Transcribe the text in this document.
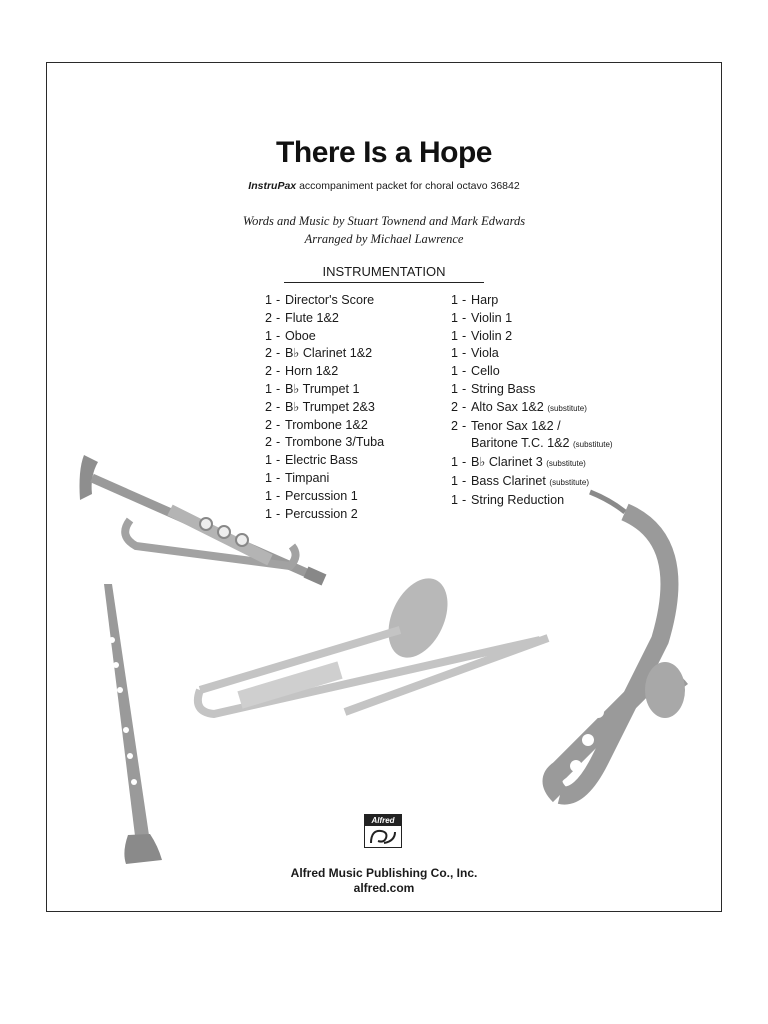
There Is a Hope
InstruPax accompaniment packet for choral octavo 36842
Words and Music by Stuart Townend and Mark Edwards
Arranged by Michael Lawrence
INSTRUMENTATION
1 - Director's Score
2 - Flute 1&2
1 - Oboe
2 - B♭ Clarinet 1&2
2 - Horn 1&2
1 - B♭ Trumpet 1
2 - B♭ Trumpet 2&3
2 - Trombone 1&2
2 - Trombone 3/Tuba
1 - Electric Bass
1 - Timpani
1 - Percussion 1
1 - Percussion 2
1 - Harp
1 - Violin 1
1 - Violin 2
1 - Viola
1 - Cello
1 - String Bass
2 - Alto Sax 1&2 (substitute)
2 - Tenor Sax 1&2 /
Baritone T.C. 1&2 (substitute)
1 - B♭ Clarinet 3 (substitute)
1 - Bass Clarinet (substitute)
1 - String Reduction
Alfred
Alfred Music Publishing Co., Inc.
alfred.com
